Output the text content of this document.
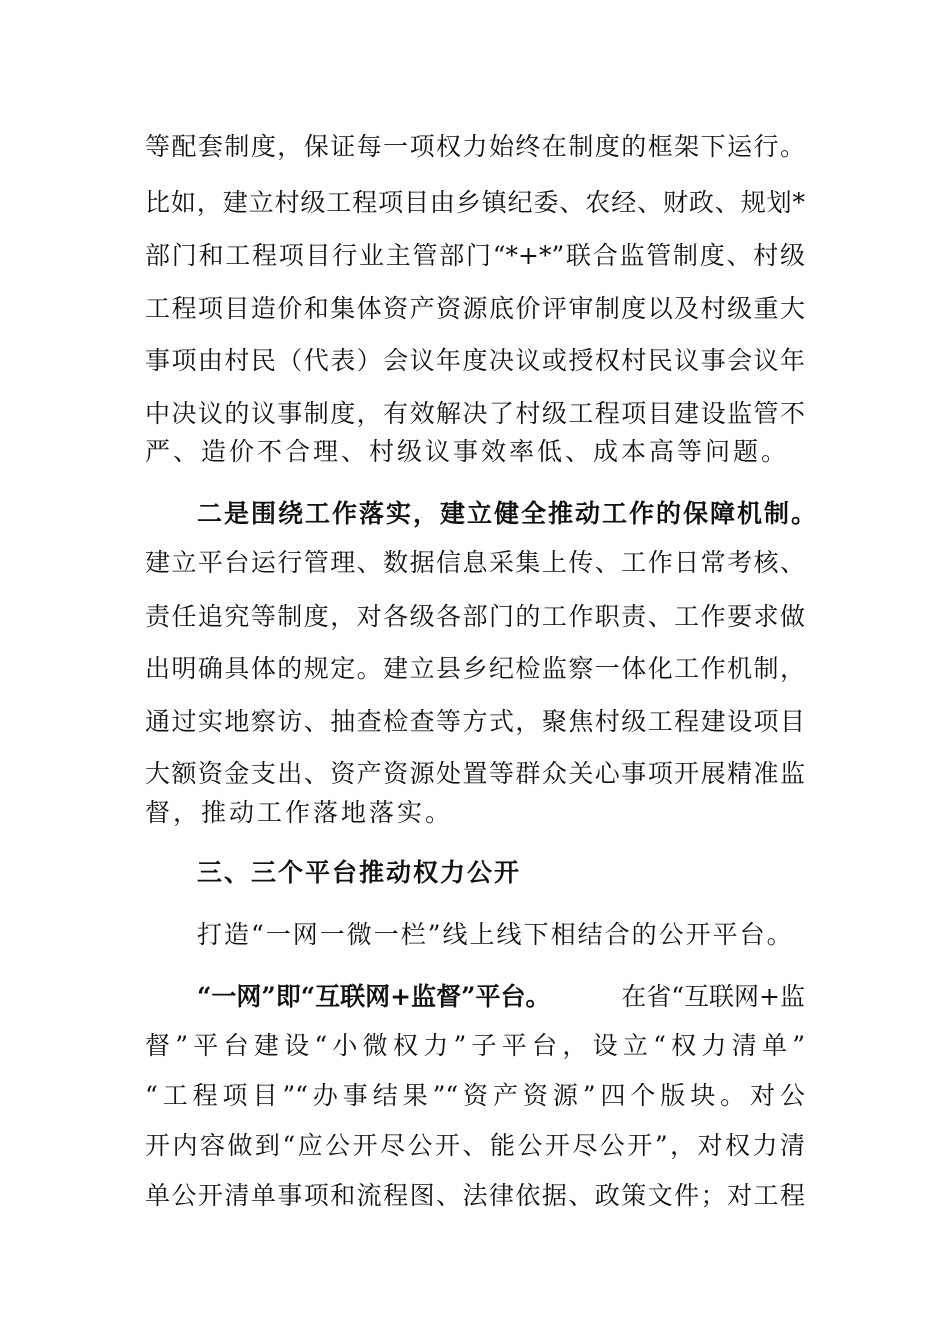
等配套制度，保证每一项权力始终在制度的框架下运行。
比如，建立村级工程项目由乡镇纪委、农经、财政、规划*
部门和工程项目行业主管部门“*+*”联合监管制度、村级
工程项目造价和集体资产资源底价评审制度以及村级重大
事项由村民（代表）会议年度决议或授权村民议事会议年
中决议的议事制度，有效解决了村级工程项目建设监管不
严、造价不合理、村级议事效率低、成本高等问题。
二是围绕工作落实，建立健全推动工作的保障机制。
建立平台运行管理、数据信息采集上传、工作日常考核、
责任追究等制度，对各级各部门的工作职责、工作要求做
出明确具体的规定。建立县乡纪检监察一体化工作机制，
通过实地察访、抽查检查等方式，聚焦村级工程建设项目
大额资金支出、资产资源处置等群众关心事项开展精准监
督，推动工作落地落实。
三、三个平台推动权力公开
打造“一网一微一栏”线上线下相结合的公开平台。
“一网”即“互联网+监督”平台。	在省“互联网+监
督”平台建设“小微权力”子平台，设立“权力清单”
“工程项目”“办事结果”“资产资源”四个版块。对公
开内容做到“应公开尽公开、能公开尽公开”，对权力清
单公开清单事项和流程图、法律依据、政策文件；对工程
